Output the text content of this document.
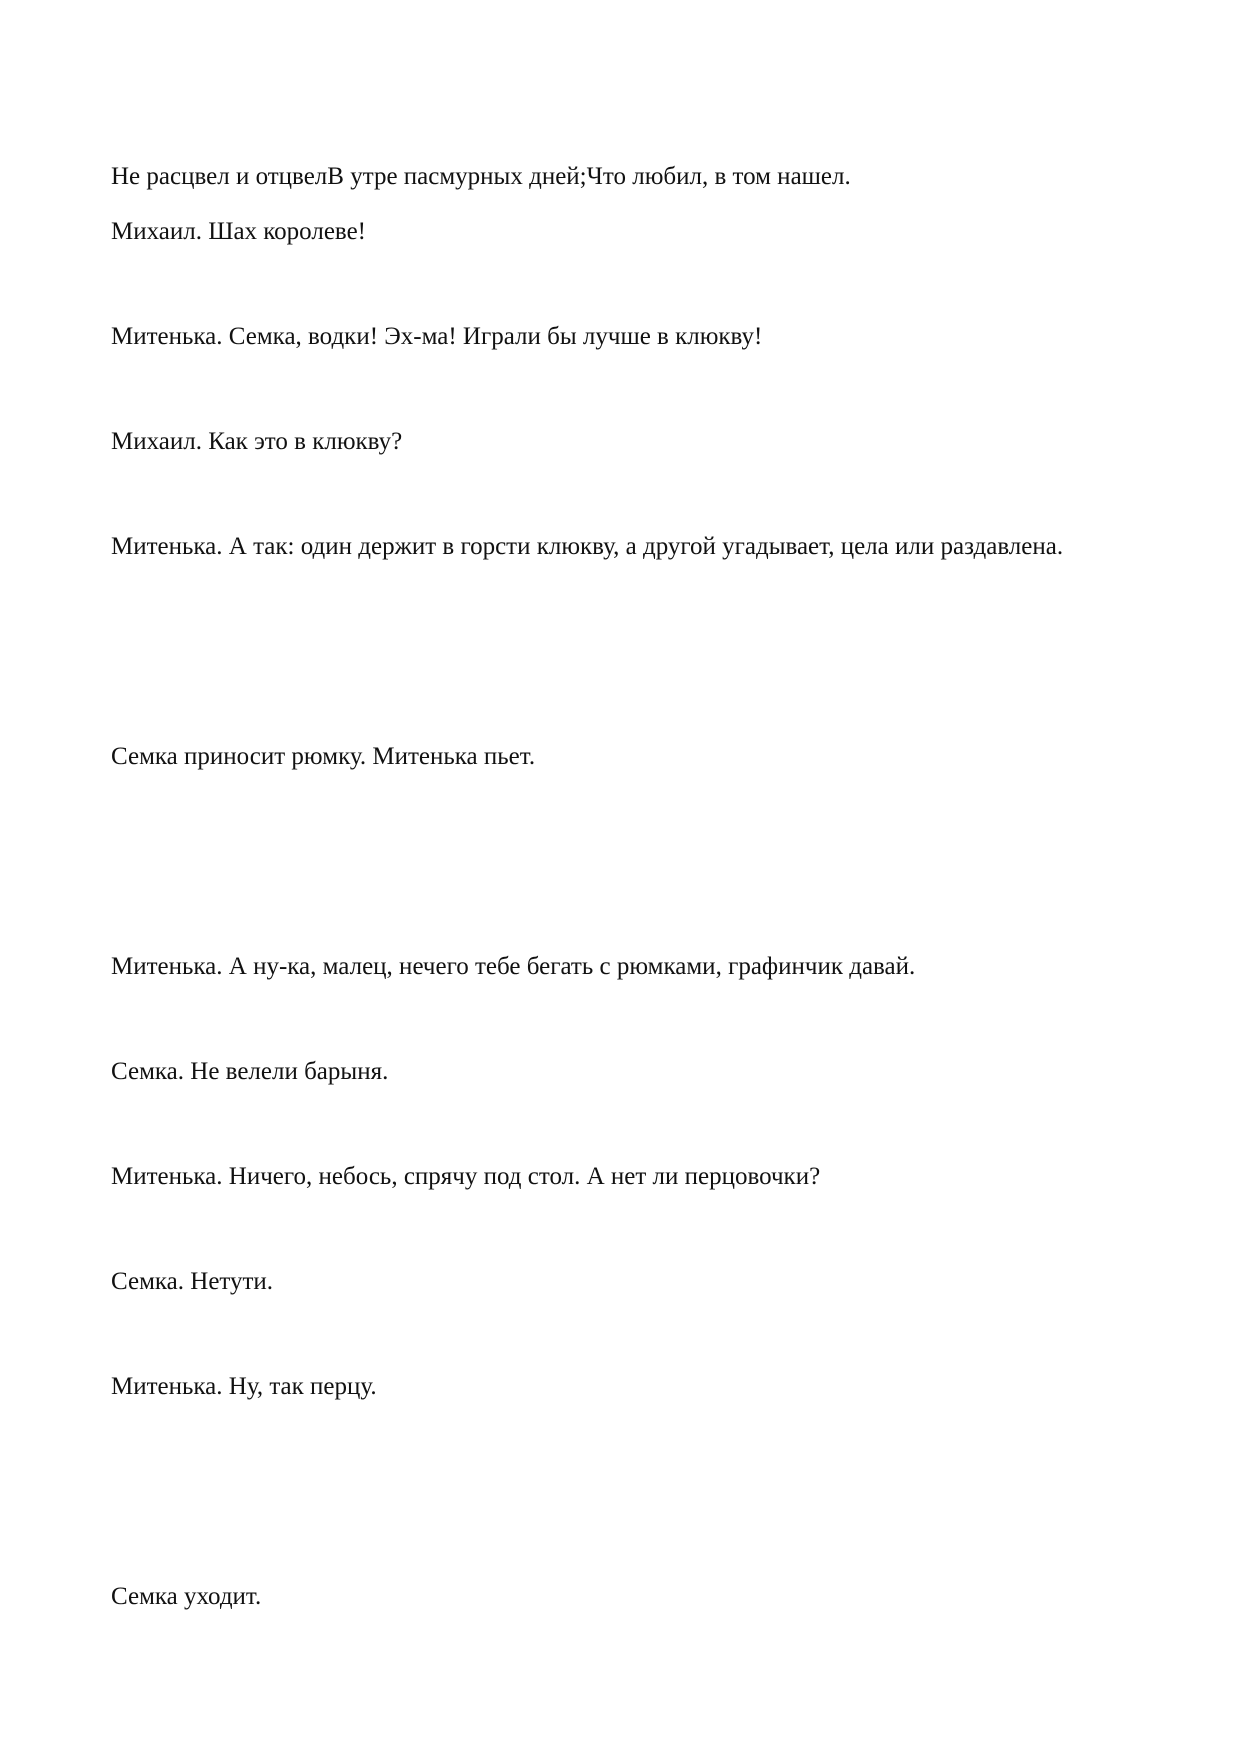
Не расцвел и отцвелВ утре пасмурных дней;Что любил, в том нашел.

Михаил. Шах королеве!

Митенька. Семка, водки! Эх-ма! Играли бы лучше в клюкву!

Михаил. Как это в клюкву?

Митенька. А так: один держит в горсти клюкву, а другой угадывает, цела или раздавлена.

Семка приносит рюмку. Митенька пьет.

Митенька. А ну-ка, малец, нечего тебе бегать с рюмками, графинчик давай.

Семка. Не велели барыня.

Митенька. Ничего, небось, спрячу под стол. А нет ли перцовочки?

Семка. Нетути.

Митенька. Ну, так перцу.

Семка уходит.
